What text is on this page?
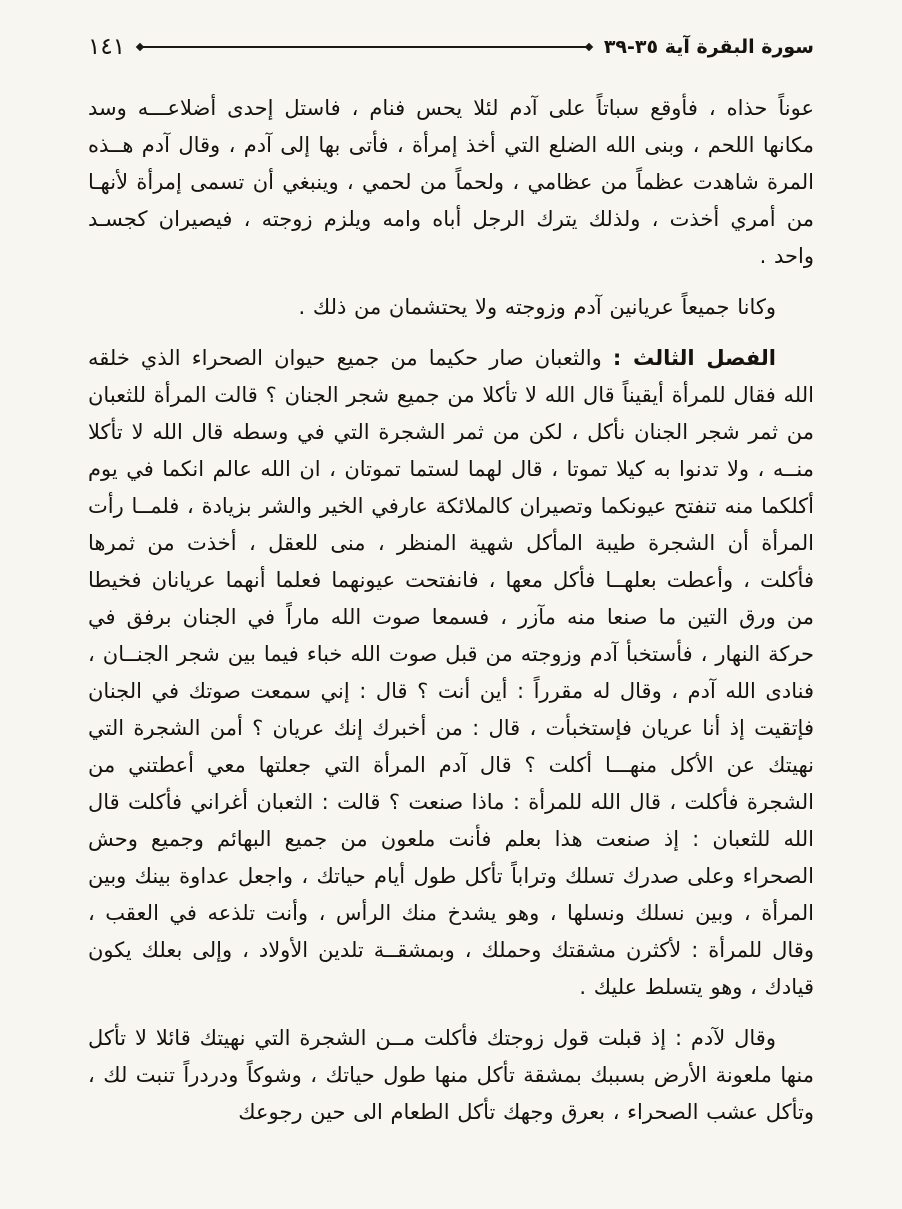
سورة البقرة آية ٣٥-٣٩
١٤١

عوناً حذاه ، فأوقع سباتاً على آدم لئلا يحس فنام ، فاستل إحدى أضلاعـــه وسد مكانها اللحم ، وبنى الله الضلع التي أخذ إمرأة ، فأتى بها إلى آدم ، وقال آدم هــذه المرة شاهدت عظماً من عظامي ، ولحماً من لحمي ، وينبغي أن تسمى إمرأة لأنهـا من أمري أخذت ، ولذلك يترك الرجل أباه وامه ويلزم زوجته ، فيصيران كجسـد واحد .

وكانا جميعاً عريانين آدم وزوجته ولا يحتشمان من ذلك .

الفصل الثالث : والثعبان صار حكيما من جميع حيوان الصحراء الذي خلقه الله فقال للمرأة أيقيناً قال الله لا تأكلا من جميع شجر الجنان ؟ قالت المرأة للثعبان من ثمر شجر الجنان نأكل ، لكن من ثمر الشجرة التي في وسطه قال الله لا تأكلا منــه ، ولا تدنوا به كيلا تموتا ، قال لهما لستما تموتان ، ان الله عالم انكما في يوم أكلكما منه تنفتح عيونكما وتصيران كالملائكة عارفي الخير والشر بزيادة ، فلمــا رأت المرأة أن الشجرة طيبة المأكل شهية المنظر ، منى للعقل ، أخذت من ثمرها فأكلت ، وأعطت بعلهــا فأكل معها ، فانفتحت عيونهما فعلما أنهما عريانان فخيطا من ورق التين ما صنعا منه مآزر ، فسمعا صوت الله ماراً في الجنان برفق في حركة النهار ، فأستخبأ آدم وزوجته من قبل صوت الله خباء فيما بين شجر الجنــان ، فنادى الله آدم ، وقال له مقرراً : أين أنت ؟ قال : إني سمعت صوتك في الجنان فإتقيت إذ أنا عريان فإستخبأت ، قال : من أخبرك إنك عريان ؟ أمن الشجرة التي نهيتك عن الأكل منهـــا أكلت ؟ قال آدم المرأة التي جعلتها معي أعطتني من الشجرة فأكلت ، قال الله للمرأة : ماذا صنعت ؟ قالت : الثعبان أغراني فأكلت قال الله للثعبان : إذ صنعت هذا بعلم فأنت ملعون من جميع البهائم وجميع وحش الصحراء وعلى صدرك تسلك وتراباً تأكل طول أيام حياتك ، واجعل عداوة بينك وبين المرأة ، وبين نسلك ونسلها ، وهو يشدخ منك الرأس ، وأنت تلذعه في العقب ، وقال للمرأة : لأكثرن مشقتك وحملك ، وبمشقــة تلدين الأولاد ، وإلى بعلك يكون قيادك ، وهو يتسلط عليك .

وقال لآدم : إذ قبلت قول زوجتك فأكلت مــن الشجرة التي نهيتك قائلا لا تأكل منها ملعونة الأرض بسببك بمشقة تأكل منها طول حياتك ، وشوكاً ودردراً تنبت لك ، وتأكل عشب الصحراء ، بعرق وجهك تأكل الطعام الى حين رجوعك
